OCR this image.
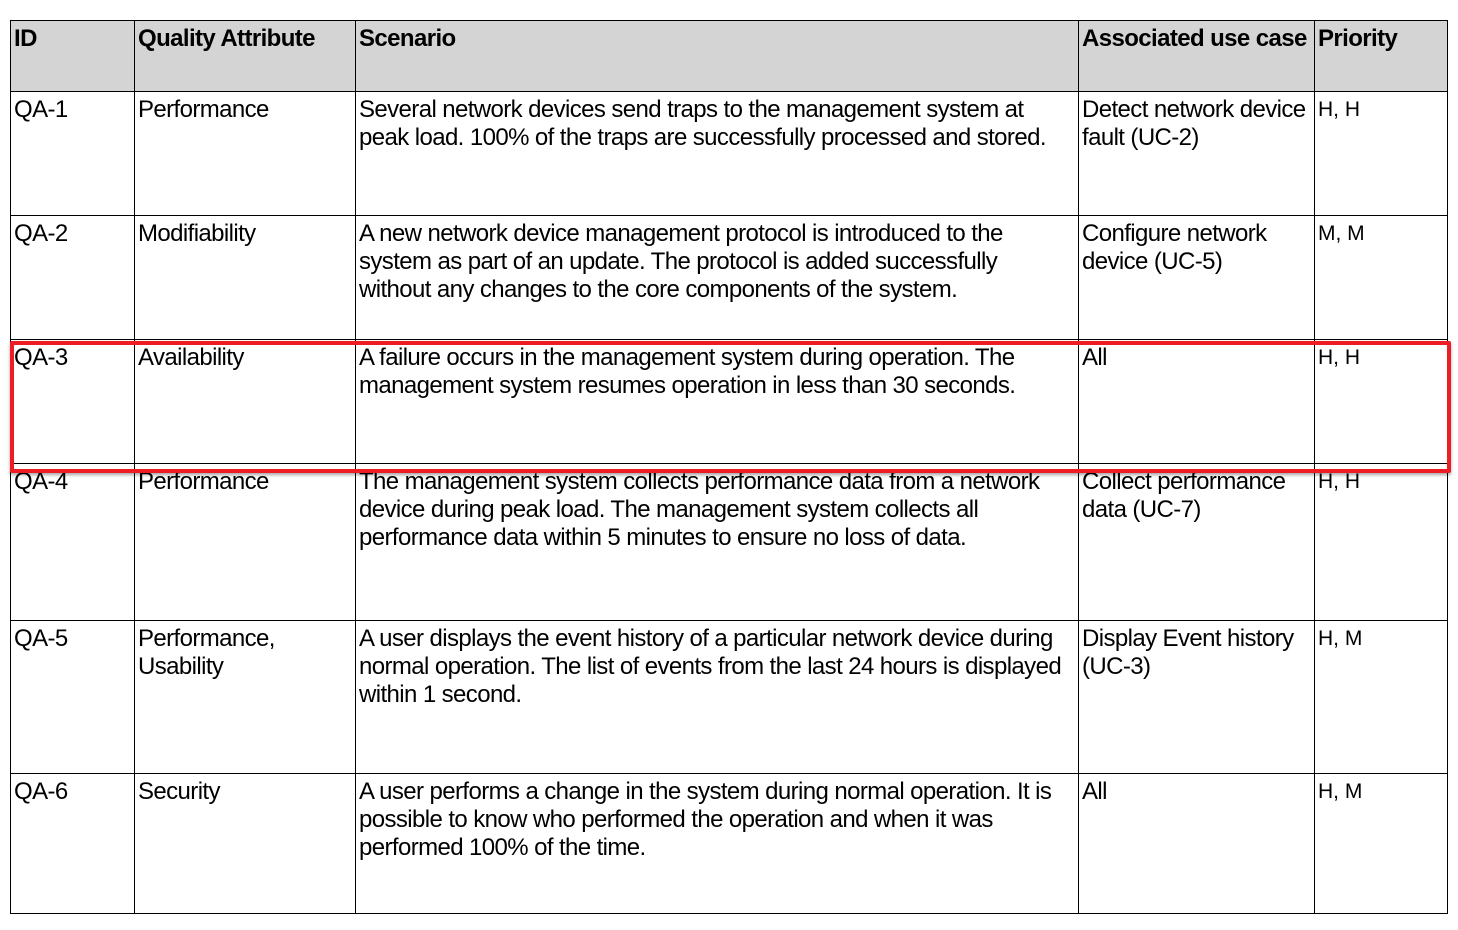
ID	Quality Attribute	Scenario	Associated use case	Priority
QA-1	Performance	Several network devices send traps to the management system at peak load. 100% of the traps are successfully processed and stored.	Detect network device fault (UC-2)	H, H
QA-2	Modifiability	A new network device management protocol is introduced to the system as part of an update. The protocol is added successfully without any changes to the core components of the system.	Configure network device (UC-5)	M, M
QA-3	Availability	A failure occurs in the management system during operation. The management system resumes operation in less than 30 seconds.	All	H, H
QA-4	Performance	The management system collects performance data from a network device during peak load. The management system collects all performance data within 5 minutes to ensure no loss of data.	Collect performance data (UC-7)	H, H
QA-5	Performance, Usability	A user displays the event history of a particular network device during normal operation. The list of events from the last 24 hours is displayed within 1 second.	Display Event history (UC-3)	H, M
QA-6	Security	A user performs a change in the system during normal operation. It is possible to know who performed the operation and when it was performed 100% of the time.	All	H, M
